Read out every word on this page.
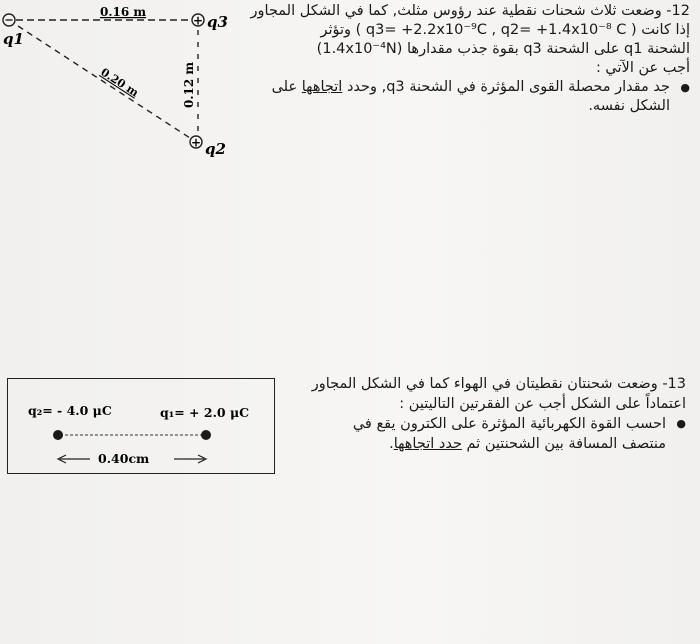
+
+
q1
q3
q2
0.16 m
0.12 m
0.20 m
12- وضعت ثلاث شحنات نقطية عند رؤوس مثلث, كما في الشكل المجاور
إذا كانت ( q3= +2.2x10⁻⁹C , q2= +1.4x10⁻⁸ C ) وتؤثر
الشحنة q1 على الشحنة q3 بقوة جذب مقدارها (1.4x10⁻⁴N)
أجب عن الآتي :
● جد مقدار محصلة القوى المؤثرة في الشحنة q3, وحدد اتجاهها على
الشكل نفسه.
q₂= - 4.0 μC	q₁= + 2.0 μC
0.40cm
13- وضعت شحنتان نقطيتان في الهواء كما في الشكل المجاور
اعتماداً على الشكل أجب عن الفقرتين التاليتين :
● احسب القوة الكهربائية المؤثرة على الكترون يقع في
منتصف المسافة بين الشحنتين ثم حدد اتجاهها.
